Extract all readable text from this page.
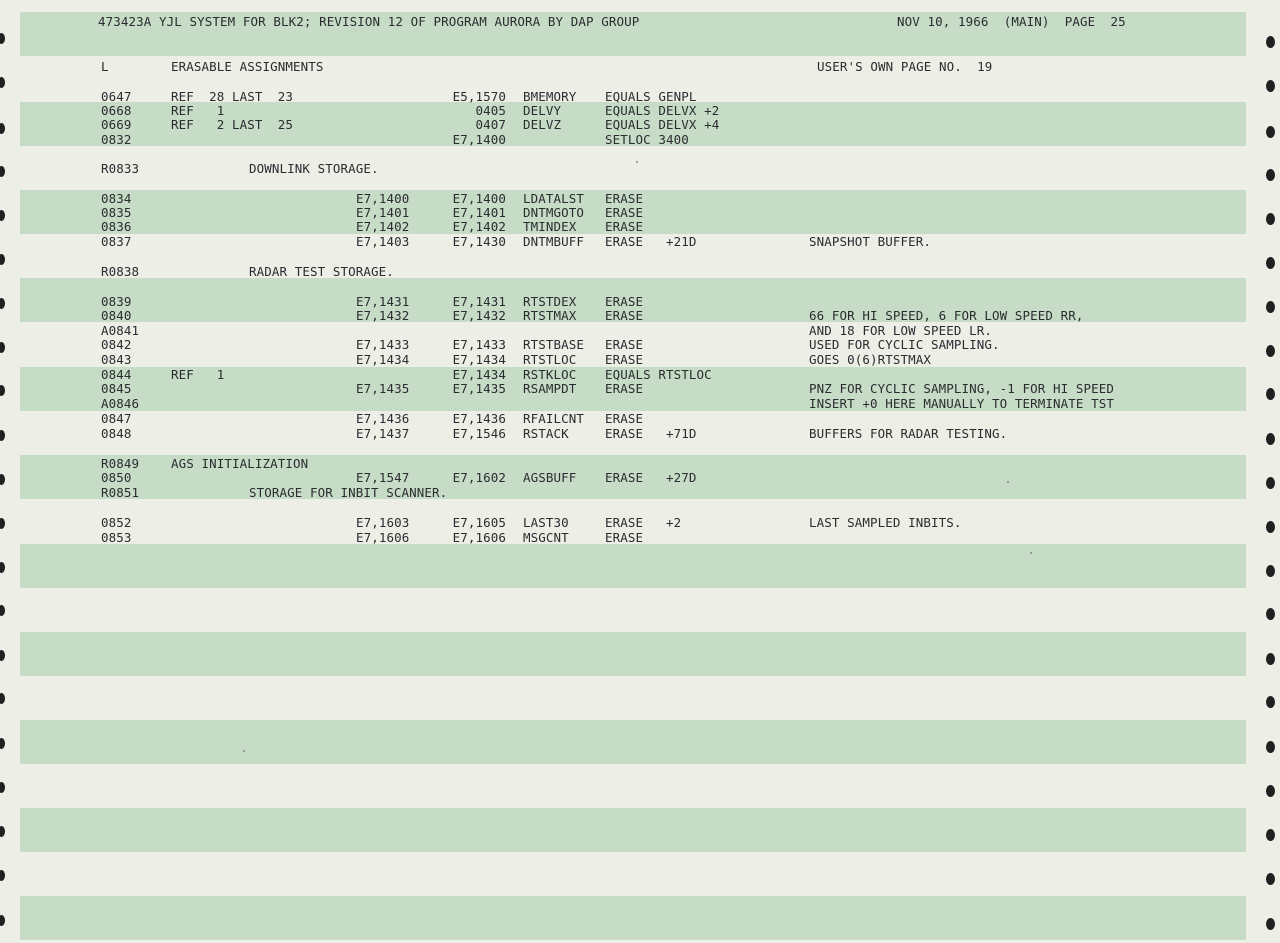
473423A YJL SYSTEM FOR BLK2; REVISION 12 OF PROGRAM AURORA BY DAP GROUP	NOV 10, 1966  (MAIN)  PAGE  25
L	ERASABLE ASSIGNMENTS	USER'S OWN PAGE NO.  19
0647	REF  28 LAST  23	E5,1570 BMEMORY EQUALS GENPL
0668	REF   1	0405 DELVY	EQUALS DELVX +2
0669	REF   2 LAST  25	0407 DELVZ	EQUALS DELVX +4
0832	E7,1400	SETLOC 3400
R0833	DOWNLINK STORAGE.
0834	E7,1400	E7,1400 LDATALST ERASE
0835	E7,1401	E7,1401 DNTMGOTO ERASE
0836	E7,1402	E7,1402 TMINDEX ERASE
0837	E7,1403	E7,1430 DNTMBUFF ERASE   +21D	SNAPSHOT BUFFER.
R0838	RADAR TEST STORAGE.
0839	E7,1431	E7,1431 RTSTDEX ERASE
0840	E7,1432	E7,1432 RTSTMAX ERASE	66 FOR HI SPEED, 6 FOR LOW SPEED RR,
A0841	AND 18 FOR LOW SPEED LR.
0842	E7,1433	E7,1433 RTSTBASE ERASE	USED FOR CYCLIC SAMPLING.
0843	E7,1434	E7,1434 RTSTLOC ERASE	GOES 0(6)RTSTMAX
0844	REF   1	E7,1434 RSTKLOC EQUALS RTSTLOC
0845	E7,1435	E7,1435 RSAMPDT ERASE	PNZ FOR CYCLIC SAMPLING, -1 FOR HI SPEED
A0846	INSERT +0 HERE MANUALLY TO TERMINATE TST
0847	E7,1436	E7,1436 RFAILCNT ERASE
0848	E7,1437	E7,1546 RSTACK	ERASE   +71D	BUFFERS FOR RADAR TESTING.
R0849	AGS INITIALIZATION
0850	E7,1547	E7,1602 AGSBUFF ERASE   +27D
R0851	STORAGE FOR INBIT SCANNER.
0852	E7,1603	E7,1605 LAST30	ERASE   +2	LAST SAMPLED INBITS.
0853	E7,1606	E7,1606 MSGCNT	ERASE
